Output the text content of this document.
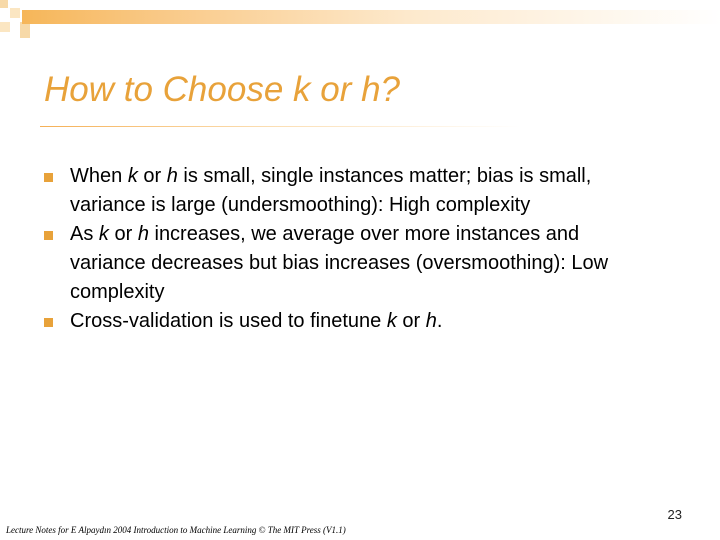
How to Choose k or h?
When k or h is small, single instances matter; bias is small, variance is large (undersmoothing): High complexity
As k or h increases, we average over more instances and variance decreases but bias increases (oversmoothing): Low complexity
Cross-validation is used to finetune k or h.
23
Lecture Notes for E Alpaydın 2004 Introduction to Machine Learning © The MIT Press (V1.1)
